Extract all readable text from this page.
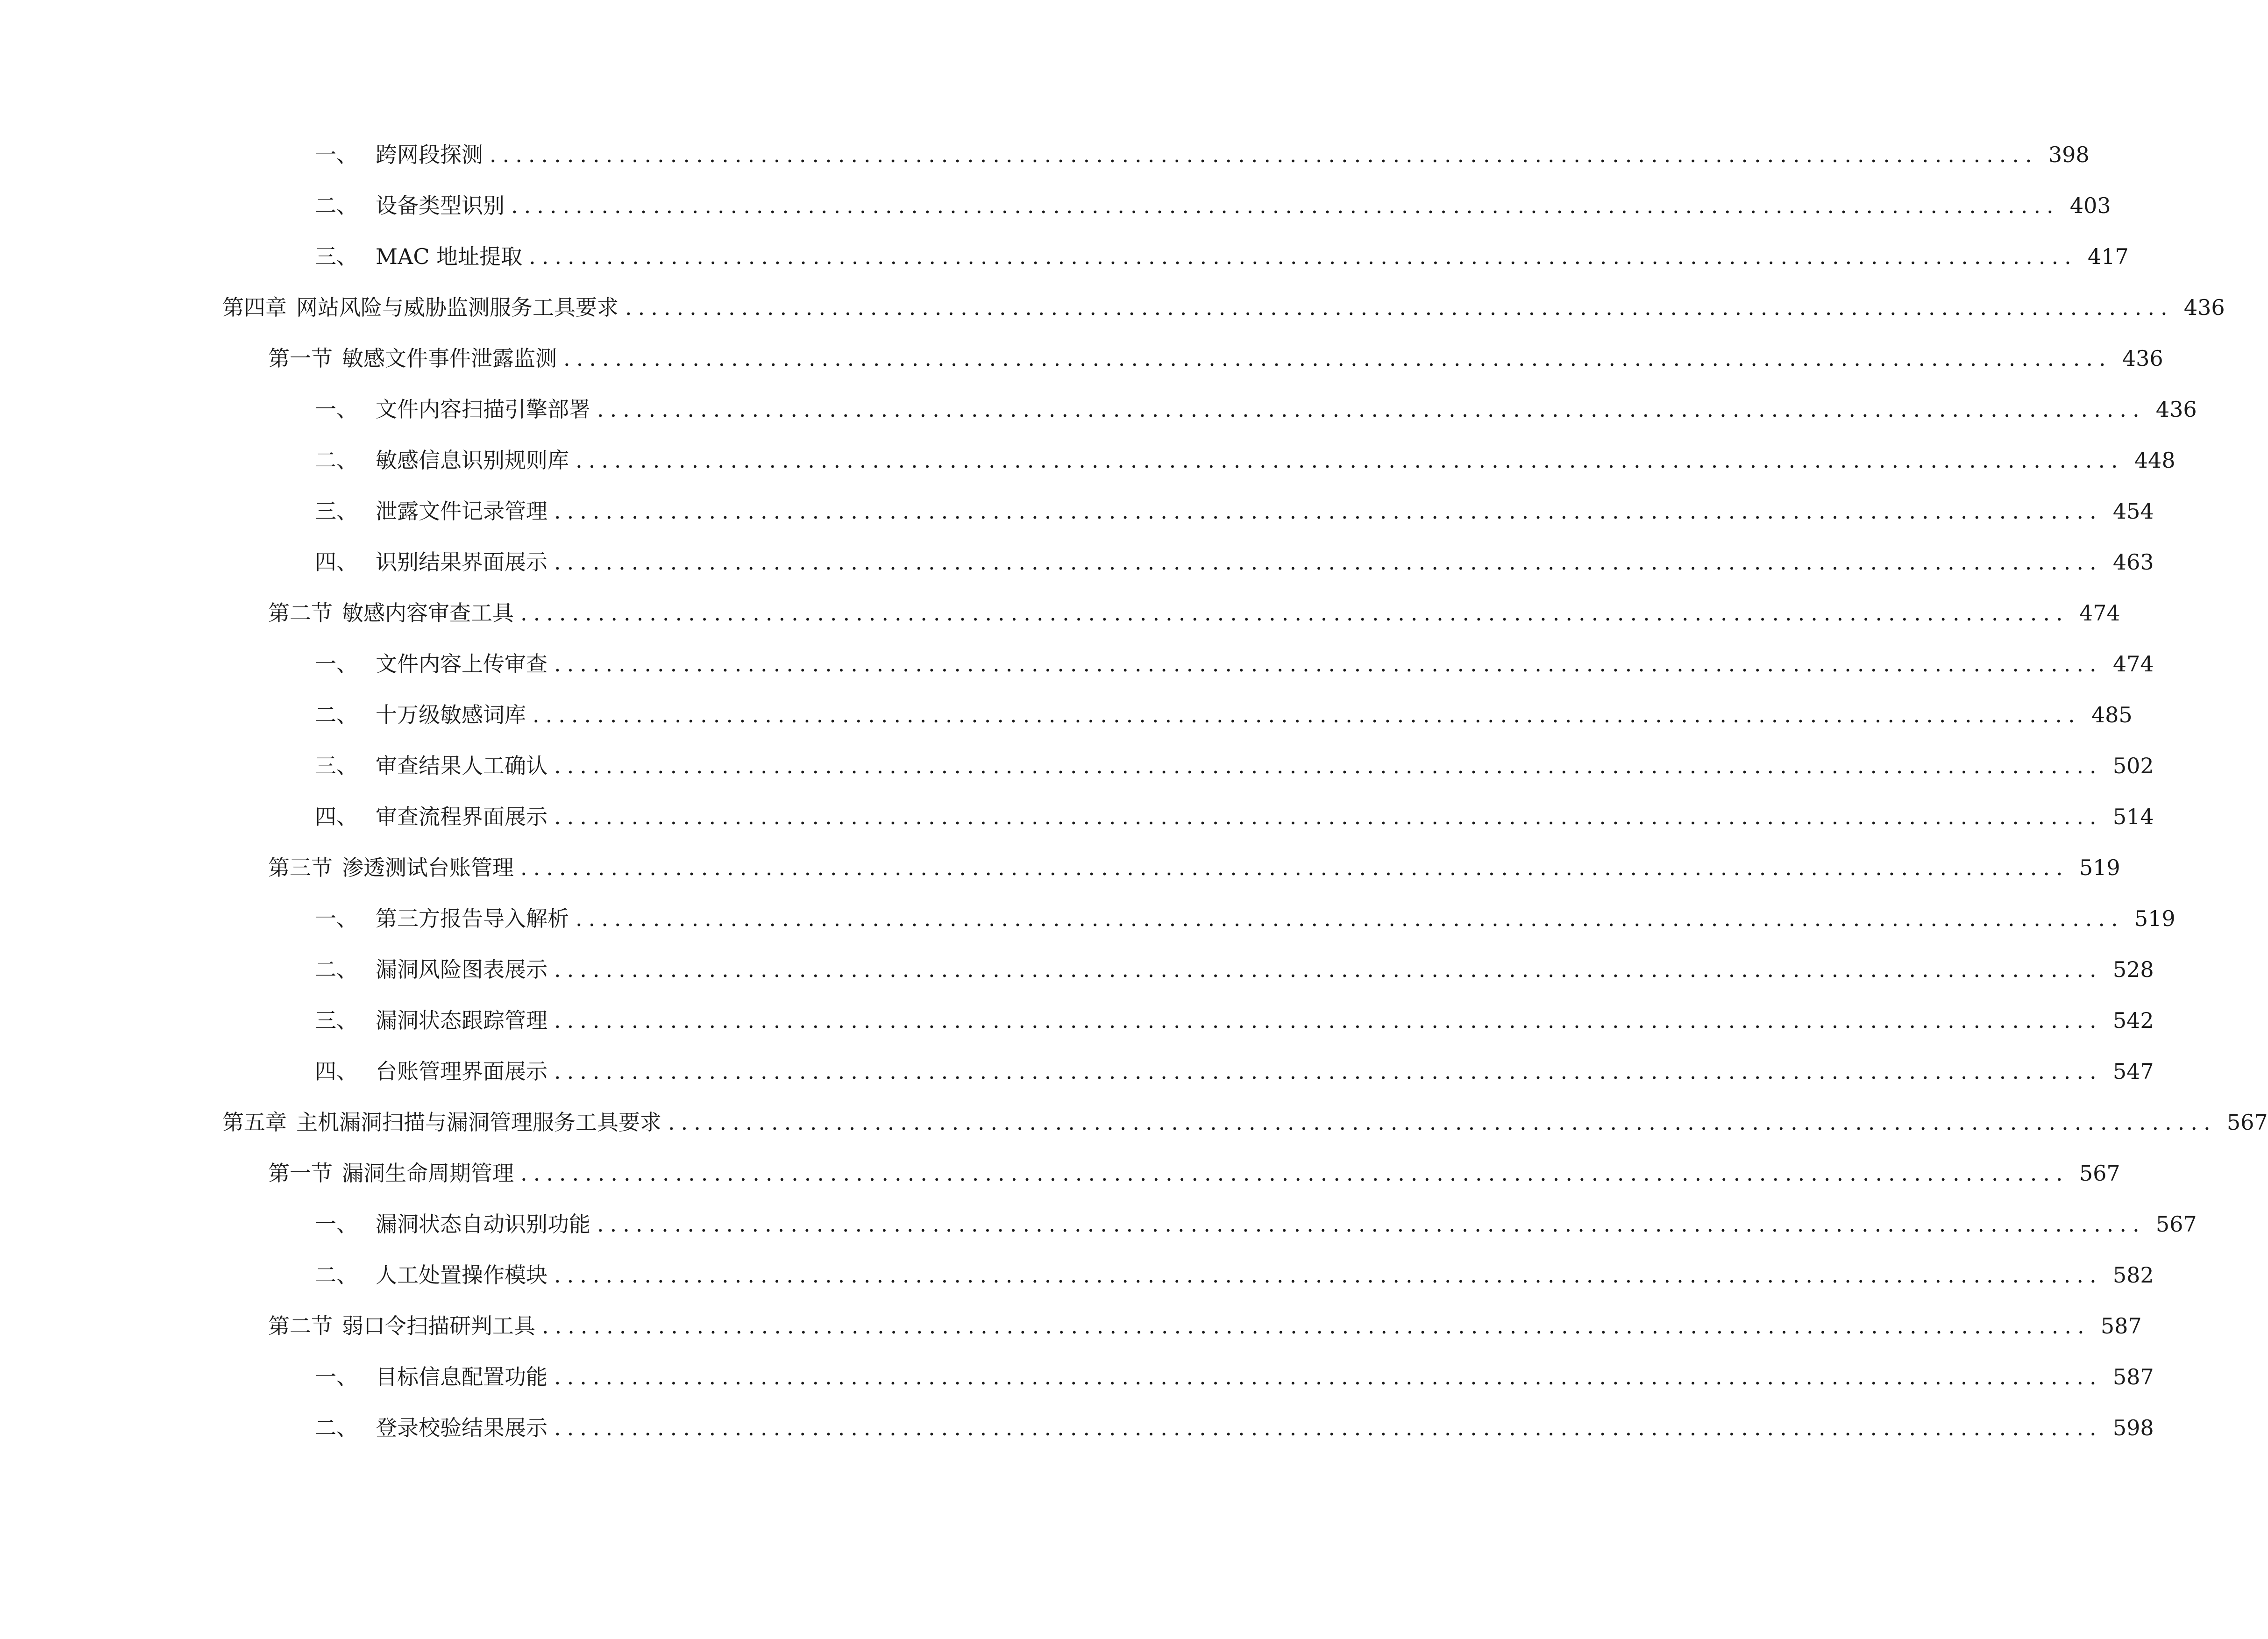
一、 跨网段探测 ........................................................................................................................ 398
二、 设备类型识别 ........................................................................................................................ 403
三、 MAC 地址提取 ........................................................................................................................ 417
第四章 网站风险与威胁监测服务工具要求 ........................................................................................................................ 436
第一节 敏感文件事件泄露监测 ........................................................................................................................ 436
一、 文件内容扫描引擎部署 ........................................................................................................................ 436
二、 敏感信息识别规则库 ........................................................................................................................ 448
三、 泄露文件记录管理 ........................................................................................................................ 454
四、 识别结果界面展示 ........................................................................................................................ 463
第二节 敏感内容审查工具 ........................................................................................................................ 474
一、 文件内容上传审查 ........................................................................................................................ 474
二、 十万级敏感词库 ........................................................................................................................ 485
三、 审查结果人工确认 ........................................................................................................................ 502
四、 审查流程界面展示 ........................................................................................................................ 514
第三节 渗透测试台账管理 ........................................................................................................................ 519
一、 第三方报告导入解析 ........................................................................................................................ 519
二、 漏洞风险图表展示 ........................................................................................................................ 528
三、 漏洞状态跟踪管理 ........................................................................................................................ 542
四、 台账管理界面展示 ........................................................................................................................ 547
第五章 主机漏洞扫描与漏洞管理服务工具要求 ........................................................................................................................ 567
第一节 漏洞生命周期管理 ........................................................................................................................ 567
一、 漏洞状态自动识别功能 ........................................................................................................................ 567
二、 人工处置操作模块 ........................................................................................................................ 582
第二节 弱口令扫描研判工具 ........................................................................................................................ 587
一、 目标信息配置功能 ........................................................................................................................ 587
二、 登录校验结果展示 ........................................................................................................................ 598
